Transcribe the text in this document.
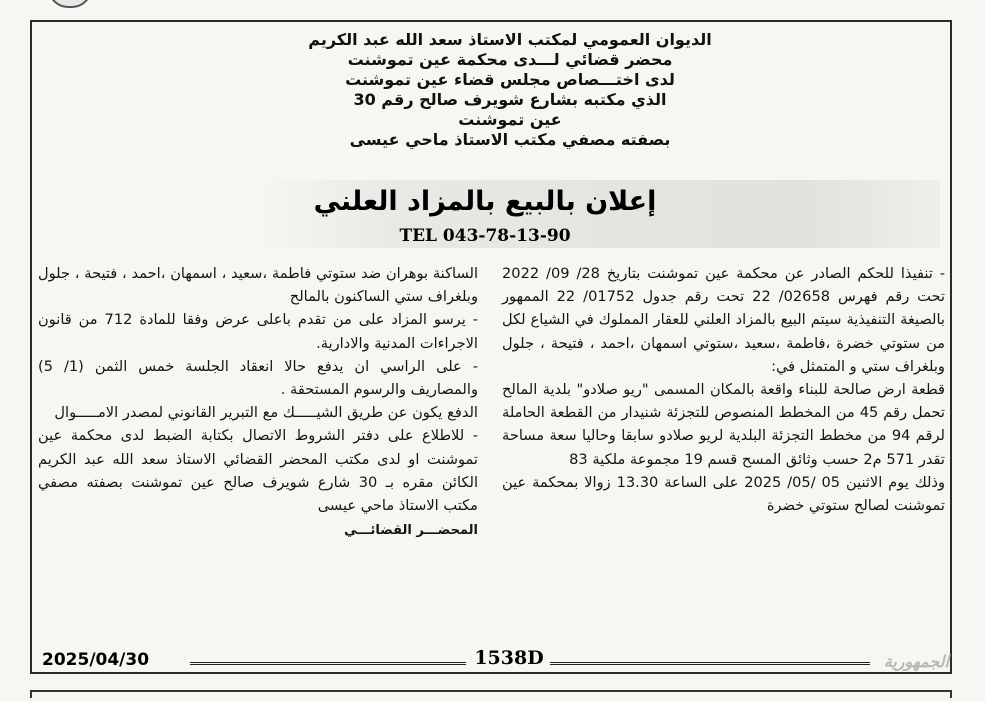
الديوان العمومي لمكتب الاستاذ سعد الله عبد الكريم
محضر قضائي لـــدى محكمة عين تموشنت
لدى اختـــصاص مجلس قضاء عين تموشنت
الذي مكتبه بشارع شويرف صالح رقم 30
عين تموشنت
بصفته مصفي مكتب الاستاذ ماحي عيسى
إعلان بالبيع بالمزاد العلني
TEL 043-78-13-90

- تنفيذا للحكم الصادر عن محكمة عين تموشنت بتاريخ 28/ 09/ 2022 تحت رقم فهرس 02658/ 22 تحت رقم جدول 01752/ 22 الممهور بالصيغة التنفيذية سيتم البيع بالمزاد العلني للعقار المملوك في الشياع لكل من ستوتي خضرة ،فاطمة ،سعيد ،ستوتي اسمهان ،احمد ، فتيحة ، جلول وبلغراف ستي و المتمثل في:

قطعة ارض صالحة للبناء واقعة بالمكان المسمى "ريو صلادو" بلدية المالح تحمل رقم 45 من المخطط المنصوص للتجزئة شنيدار من القطعة الحاملة لرقم 94 من مخطط التجزئة البلدية لريو صلادو سابقا وحاليا سعة مساحة تقدر 571 م2 حسب وثائق المسح قسم 19 مجموعة ملكية 83

وذلك يوم الاثنين 05 /05/ 2025 على الساعة 13.30 زوالا بمحكمة عين تموشنت لصالح ستوتي خضرة

الساكنة بوهران ضد ستوتي فاطمة ،سعيد ، اسمهان ،احمد ، فتيحة ، جلول وبلغراف ستي الساكنون بالمالح

- يرسو المزاد على من تقدم باعلى عرض وفقا للمادة 712 من قانون الاجراءات المدنية والادارية.

- على الراسي ان يدفع حالا انعقاد الجلسة خمس الثمن (1/ 5) والمصاريف والرسوم المستحقة .

الدفع يكون عن طريق الشيـــــك مع التبرير القانوني لمصدر الامـــــوال

- للاطلاع على دفتر الشروط الاتصال بكتابة الضبط لدى محكمة عين تموشنت او لدى مكتب المحضر القضائي الاستاذ سعد الله عبد الكريم الكائن مقره بـ 30 شارع شويرف صالح عين تموشنت بصفته مصفي مكتب الاستاذ ماحي عيسى

المحضـــر القضائـــي
2025/04/30	1538D	الجمهورية
